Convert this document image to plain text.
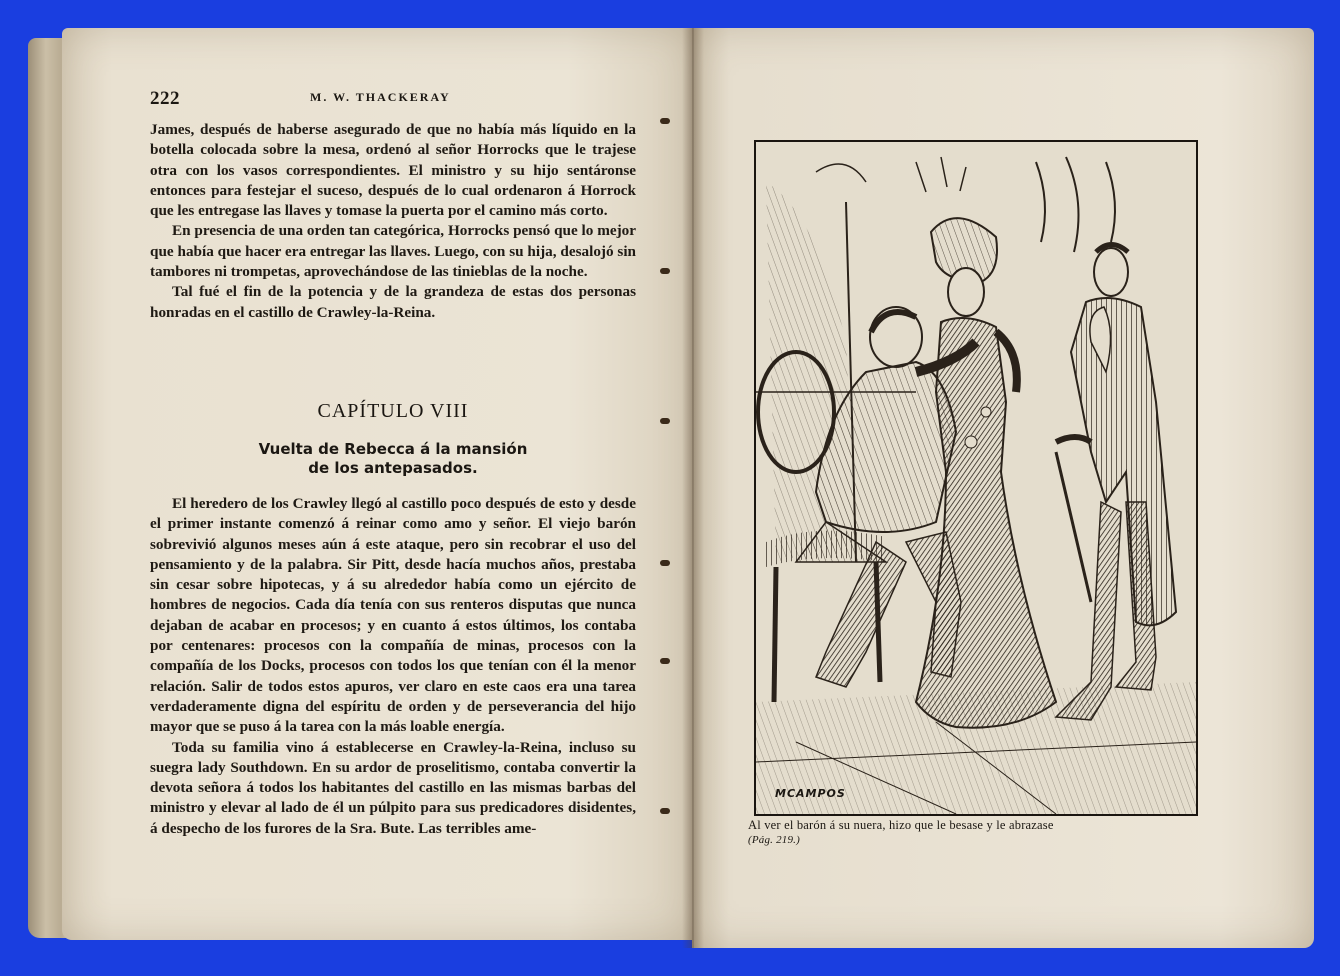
222	M. W. THACKERAY

James, después de haberse asegurado de que no había más líquido en la botella colocada sobre la mesa, ordenó al señor Horrocks que le trajese otra con los vasos correspondientes. El ministro y su hijo sentáronse entonces para festejar el suceso, después de lo cual ordenaron á Horrock que les entregase las llaves y tomase la puerta por el camino más corto.

En presencia de una orden tan categórica, Horrocks pensó que lo mejor que había que hacer era entregar las llaves. Luego, con su hija, desalojó sin tambores ni trompetas, aprovechándose de las tinieblas de la noche.

Tal fué el fin de la potencia y de la grandeza de estas dos personas honradas en el castillo de Crawley-la-Reina.

CAPÍTULO VIII
Vuelta de Rebecca á la mansión
de los antepasados.

El heredero de los Crawley llegó al castillo poco después de esto y desde el primer instante comenzó á reinar como amo y señor. El viejo barón sobrevivió algunos meses aún á este ataque, pero sin recobrar el uso del pensamiento y de la palabra. Sir Pitt, desde hacía muchos años, prestaba sin cesar sobre hipotecas, y á su alrededor había como un ejército de hombres de negocios. Cada día tenía con sus renteros disputas que nunca dejaban de acabar en procesos; y en cuanto á estos últimos, los contaba por centenares: procesos con la compañía de minas, procesos con la compañía de los Docks, procesos con todos los que tenían con él la menor relación. Salir de todos estos apuros, ver claro en este caos era una tarea verdaderamente digna del espíritu de orden y de perseverancia del hijo mayor que se puso á la tarea con la más loable energía.

Toda su familia vino á establecerse en Crawley-la-Reina, incluso su suegra lady Southdown. En su ardor de proselitismo, contaba convertir la devota señora á todos los habitantes del castillo en las mismas barbas del ministro y elevar al lado de él un púlpito para sus predicadores disidentes, á despecho de los furores de la Sra. Bute. Las terribles ame-

MCAMPOS
Al ver el barón á su nuera, hizo que le besase y le abrazase
(Pág. 219.)
